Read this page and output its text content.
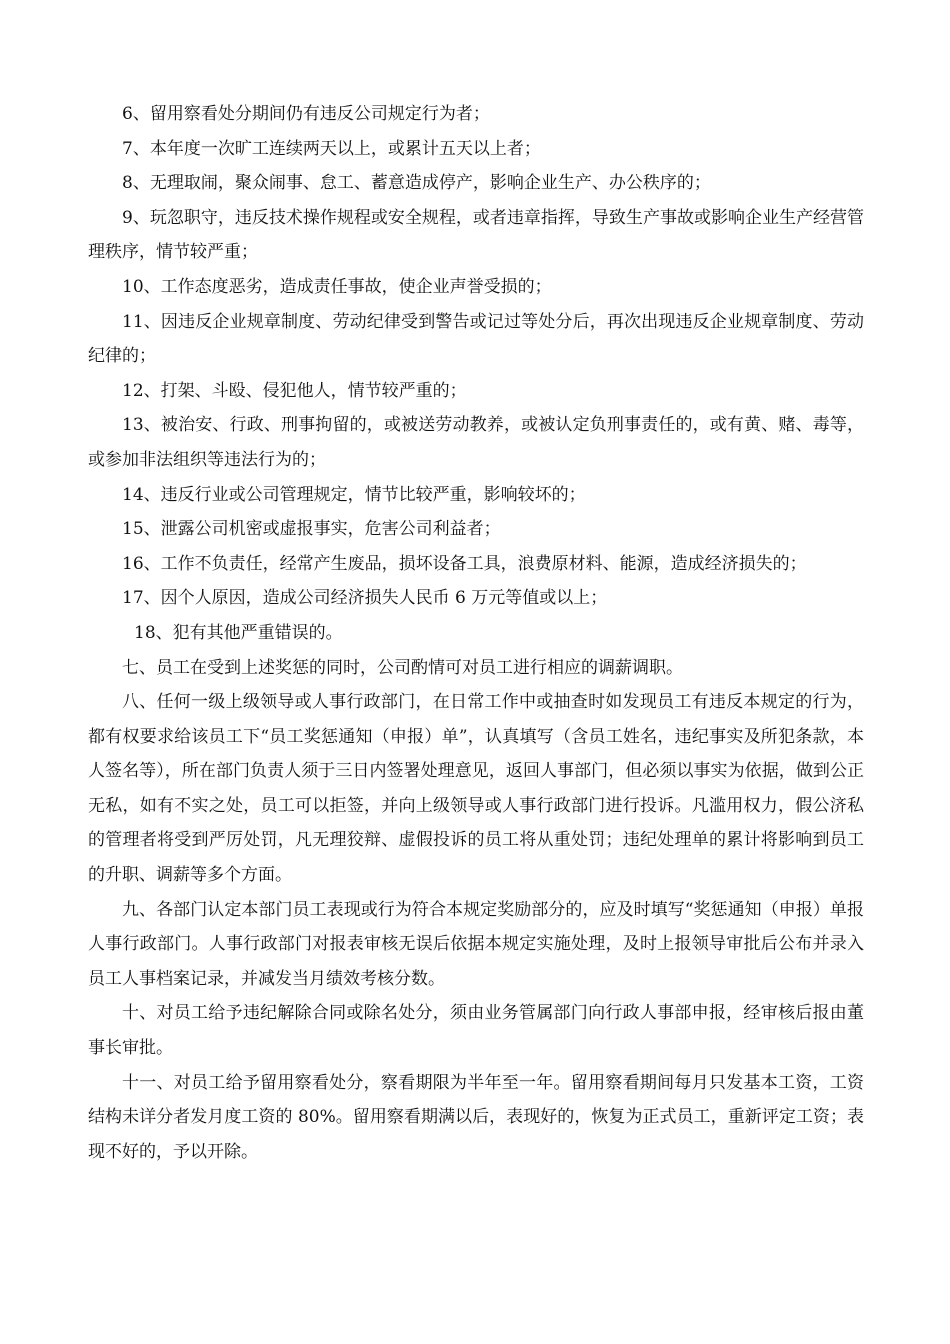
6、留用察看处分期间仍有违反公司规定行为者；

7、本年度一次旷工连续两天以上，或累计五天以上者；

8、无理取闹，聚众闹事、怠工、蓄意造成停产，影响企业生产、办公秩序的；

9、玩忽职守，违反技术操作规程或安全规程，或者违章指挥，导致生产事故或影响企业生产经营管理秩序，情节较严重；

10、工作态度恶劣，造成责任事故，使企业声誉受损的；

11、因违反企业规章制度、劳动纪律受到警告或记过等处分后，再次出现违反企业规章制度、劳动纪律的；

12、打架、斗殴、侵犯他人，情节较严重的；

13、被治安、行政、刑事拘留的，或被送劳动教养，或被认定负刑事责任的，或有黄、赌、毒等，或参加非法组织等违法行为的；

14、违反行业或公司管理规定，情节比较严重，影响较坏的；

15、泄露公司机密或虚报事实，危害公司利益者；

16、工作不负责任，经常产生废品，损坏设备工具，浪费原材料、能源，造成经济损失的；

17、因个人原因，造成公司经济损失人民币 6 万元等值或以上；

18、犯有其他严重错误的。

七、员工在受到上述奖惩的同时，公司酌情可对员工进行相应的调薪调职。

八、任何一级上级领导或人事行政部门，在日常工作中或抽查时如发现员工有违反本规定的行为，都有权要求给该员工下“员工奖惩通知（申报）单”，认真填写（含员工姓名，违纪事实及所犯条款，本人签名等），所在部门负责人须于三日内签署处理意见，返回人事部门，但必须以事实为依据，做到公正无私，如有不实之处，员工可以拒签，并向上级领导或人事行政部门进行投诉。凡滥用权力，假公济私的管理者将受到严厉处罚，凡无理狡辩、虚假投诉的员工将从重处罚；违纪处理单的累计将影响到员工的升职、调薪等多个方面。

九、各部门认定本部门员工表现或行为符合本规定奖励部分的，应及时填写“奖惩通知（申报）单报人事行政部门。人事行政部门对报表审核无误后依据本规定实施处理，及时上报领导审批后公布并录入员工人事档案记录，并减发当月绩效考核分数。

十、对员工给予违纪解除合同或除名处分，须由业务管属部门向行政人事部申报，经审核后报由董事长审批。

十一、对员工给予留用察看处分，察看期限为半年至一年。留用察看期间每月只发基本工资，工资结构未详分者发月度工资的 80%。留用察看期满以后，表现好的，恢复为正式员工，重新评定工资；表现不好的，予以开除。
